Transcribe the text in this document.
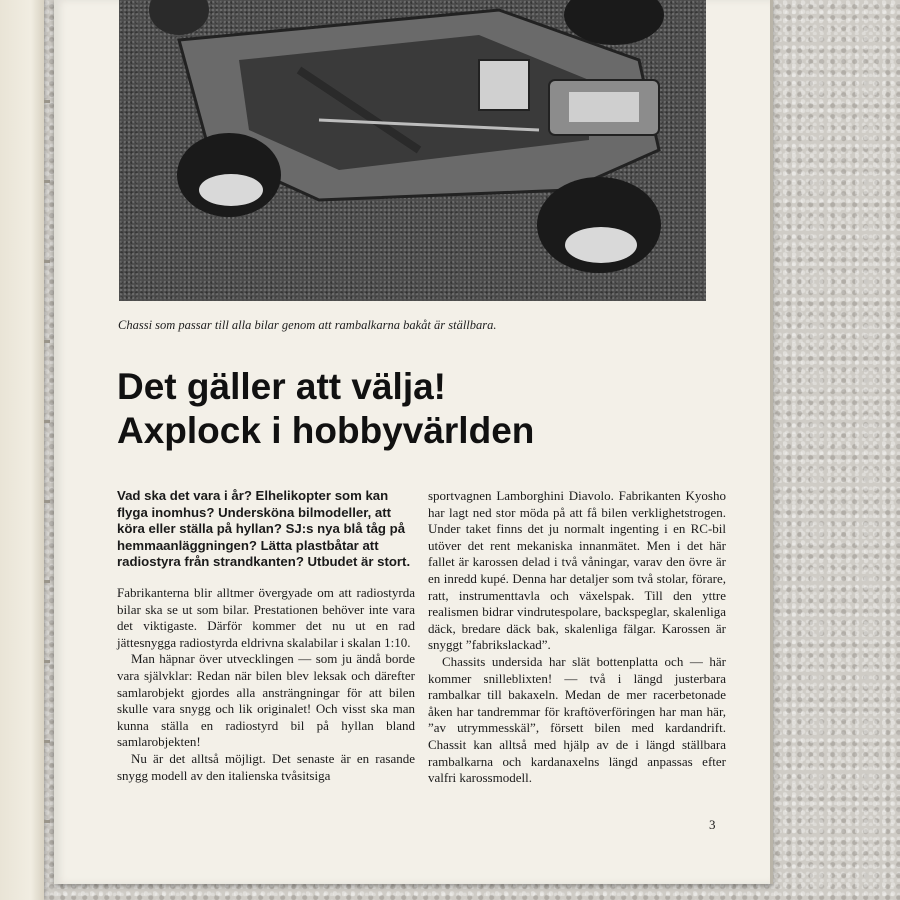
Chassi som passar till alla bilar genom att rambalkarna bakåt är ställbara.
Det gäller att välja!
Axplock i hobbyvärlden

Vad ska det vara i år? Elhelikopter som kan flyga inomhus? Undersköna bilmodeller, att köra eller ställa på hyllan? SJ:s nya blå tåg på hemmaanläggningen? Lätta plastbåtar att radiostyra från strandkanten? Utbudet är stort.

Fabrikanterna blir alltmer övergyade om att radiostyrda bilar ska se ut som bilar. Prestationen behöver inte vara det viktigaste. Därför kommer det nu ut en rad jättesnygga radiostyrda eldrivna skalabilar i skalan 1:10.

Man häpnar över utvecklingen — som ju ändå borde vara självklar: Redan när bilen blev leksak och därefter samlarobjekt gjordes alla ansträngningar för att bilen skulle vara snygg och lik originalet! Och visst ska man kunna ställa en radiostyrd bil på hyllan bland samlarobjekten!

Nu är det alltså möjligt. Det senaste är en rasande snygg modell av den italienska tvåsitsiga

sportvagnen Lamborghini Diavolo. Fabrikanten Kyosho har lagt ned stor möda på att få bilen verklighetstrogen. Under taket finns det ju normalt ingenting i en RC-bil utöver det rent mekaniska innanmätet. Men i det här fallet är karossen delad i två våningar, varav den övre är en inredd kupé. Denna har detaljer som två stolar, förare, ratt, instrumenttavla och växelspak. Till den yttre realismen bidrar vindrutespolare, backspeglar, skalenliga däck, bredare däck bak, skalenliga fälgar. Karossen är snyggt ”fabrikslackad”.

Chassits undersida har slät bottenplatta och — här kommer snilleblixten! — två i längd justerbara rambalkar till bakaxeln. Medan de mer racerbetonade åken har tandremmar för kraftöverföringen har man här, ”av utrymmesskäl”, försett bilen med kardandrift. Chassit kan alltså med hjälp av de i längd ställbara rambalkarna och kardanaxelns längd anpassas efter valfri karossmodell.

3
